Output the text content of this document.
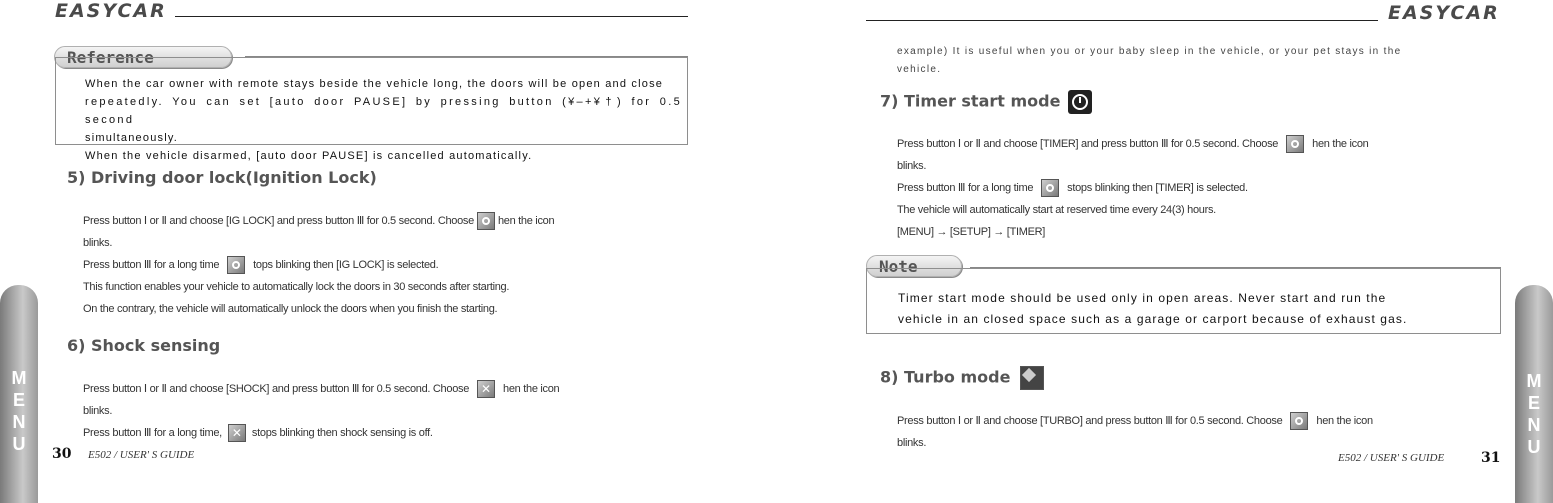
EASYCAR
Reference
When the car owner with remote stays beside the vehicle long, the doors will be open and close
repeatedly. You can set [auto door PAUSE] by pressing button (¥–+¥†) for 0.5 second
simultaneously.
When the vehicle disarmed, [auto door PAUSE] is cancelled automatically.
5) Driving door lock(Ignition Lock)
Press button Ⅰ or Ⅱ and choose [IG LOCK] and press button Ⅲ for 0.5 second. Choose hen the icon
blinks.
Press button Ⅲ for a long time	tops blinking then [IG LOCK] is selected.
This function enables your vehicle to automatically lock the doors in 30 seconds after starting.
On the contrary, the vehicle will automatically unlock the doors when you finish the starting.
6) Shock sensing
Press button Ⅰ or Ⅱ and choose [SHOCK] and press button Ⅲ for 0.5 second. Choose ✕	hen the icon
blinks.
Press button Ⅲ for a long time, ✕	stops blinking then shock sensing is off.
30 E502 / USER' S GUIDE
M
E
N
U
EASYCAR
example) It is useful when you or your baby sleep in the vehicle, or your pet stays in the
vehicle.
7) Timer start mode
Press button Ⅰ or Ⅱ and choose [TIMER] and press button Ⅲ for 0.5 second. Choose	hen the icon
blinks.
Press button Ⅲ for a long time	stops blinking then [TIMER] is selected.
The vehicle will automatically start at reserved time every 24(3) hours.
[MENU] → [SETUP] → [TIMER]
Note
Timer start mode should be used only in open areas. Never start and run the
vehicle in an closed space such as a garage or carport because of exhaust gas.
8) Turbo mode
Press button Ⅰ or Ⅱ and choose [TURBO] and press button Ⅲ for 0.5 second. Choose	hen the icon
blinks.
E502 / USER' S GUIDE	31
M
E
N
U
